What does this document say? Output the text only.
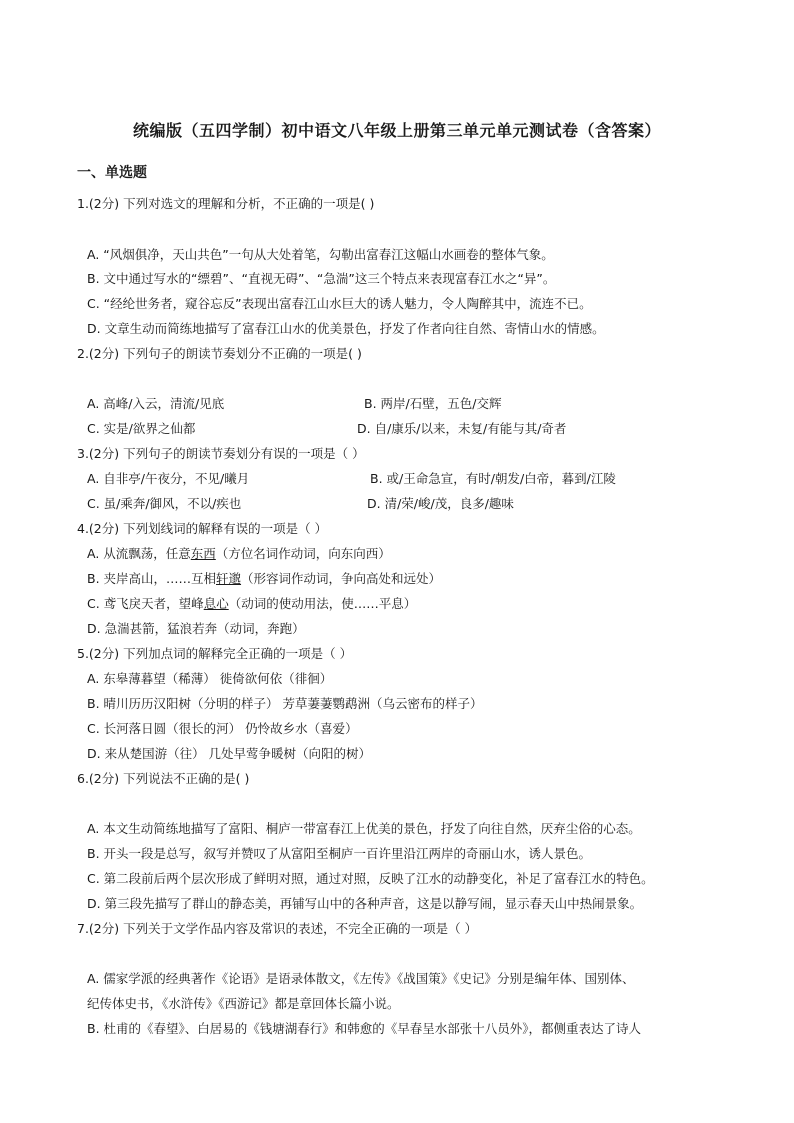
统编版（五四学制）初中语文八年级上册第三单元单元测试卷（含答案）
一、单选题
1.(2分) 下列对选文的理解和分析，不正确的一项是( )
A. “风烟俱净，天山共色”一句从大处着笔，勾勒出富春江这幅山水画卷的整体气象。
B. 文中通过写水的“缥碧”、“直视无碍”、“急湍”这三个特点来表现富春江水之“异”。
C. “经纶世务者，窥谷忘反”表现出富春江山水巨大的诱人魅力，令人陶醉其中，流连不已。
D. 文章生动而简练地描写了富春江山水的优美景色，抒发了作者向往自然、寄情山水的情感。
2.(2分) 下列句子的朗读节奏划分不正确的一项是( )
A. 高峰/入云，清流/见底	B. 两岸/石壁，五色/交辉
C. 实是/欲界之仙都	D. 自/康乐/以来，未复/有能与其/奇者
3.(2分) 下列句子的朗读节奏划分有误的一项是（ ）
A. 自非亭/午夜分，不见/曦月	B. 或/王命急宣，有时/朝发/白帝，暮到/江陵
C. 虽/乘奔/御风，不以/疾也	D. 清/荣/峻/茂，良多/趣味
4.(2分) 下列划线词的解释有误的一项是（ ）
A. 从流飘荡，任意东西（方位名词作动词，向东向西）
B. 夹岸高山，……互相轩邈（形容词作动词，争向高处和远处）
C. 鸢飞戾天者，望峰息心（动词的使动用法，使……平息）
D. 急湍甚箭，猛浪若奔（动词，奔跑）
5.(2分) 下列加点词的解释完全正确的一项是（ ）
A. 东皋薄暮望（稀薄） 徙倚欲何依（徘徊）
B. 晴川历历汉阳树（分明的样子） 芳草萋萋鹦鹉洲（乌云密布的样子）
C. 长河落日圆（很长的河） 仍怜故乡水（喜爱）
D. 来从楚国游（往） 几处早莺争暖树（向阳的树）
6.(2分) 下列说法不正确的是( )
A. 本文生动简练地描写了富阳、桐庐一带富春江上优美的景色，抒发了向往自然，厌弃尘俗的心态。
B. 开头一段是总写，叙写并赞叹了从富阳至桐庐一百许里沿江两岸的奇丽山水，诱人景色。
C. 第二段前后两个层次形成了鲜明对照，通过对照，反映了江水的动静变化，补足了富春江水的特色。
D. 第三段先描写了群山的静态美，再铺写山中的各种声音，这是以静写闹，显示春天山中热闹景象。
7.(2分) 下列关于文学作品内容及常识的表述，不完全正确的一项是（ ）
A. 儒家学派的经典著作《论语》是语录体散文，《左传》《战国策》《史记》分别是编年体、国别体、
纪传体史书，《水浒传》《西游记》都是章回体长篇小说。
B. 杜甫的《春望》、白居易的《钱塘湖春行》和韩愈的《早春呈水部张十八员外》，都侧重表达了诗人
